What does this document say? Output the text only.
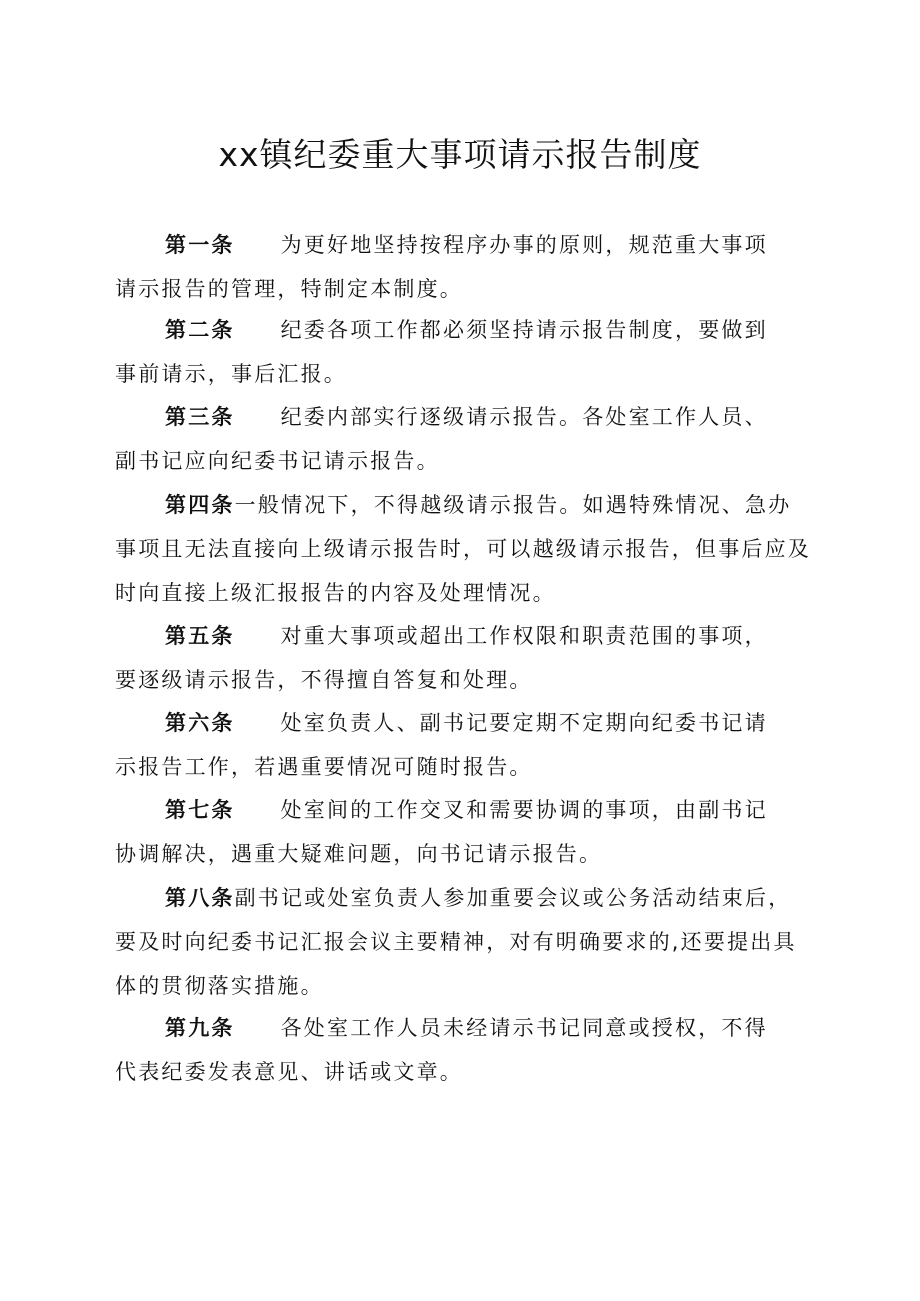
xx镇纪委重大事项请示报告制度
第一条 为更好地坚持按程序办事的原则，规范重大事项
请示报告的管理，特制定本制度。
第二条 纪委各项工作都必须坚持请示报告制度，要做到
事前请示，事后汇报。
第三条 纪委内部实行逐级请示报告。各处室工作人员、
副书记应向纪委书记请示报告。
第四条一般情况下，不得越级请示报告。如遇特殊情况、急办
事项且无法直接向上级请示报告时，可以越级请示报告，但事后应及
时向直接上级汇报报告的内容及处理情况。
第五条 对重大事项或超出工作权限和职责范围的事项，
要逐级请示报告，不得擅自答复和处理。
第六条 处室负责人、副书记要定期不定期向纪委书记请
示报告工作，若遇重要情况可随时报告。
第七条 处室间的工作交叉和需要协调的事项，由副书记
协调解决，遇重大疑难问题，向书记请示报告。
第八条副书记或处室负责人参加重要会议或公务活动结束后，
要及时向纪委书记汇报会议主要精神，对有明确要求的,还要提出具
体的贯彻落实措施。
第九条 各处室工作人员未经请示书记同意或授权，不得
代表纪委发表意见、讲话或文章。
